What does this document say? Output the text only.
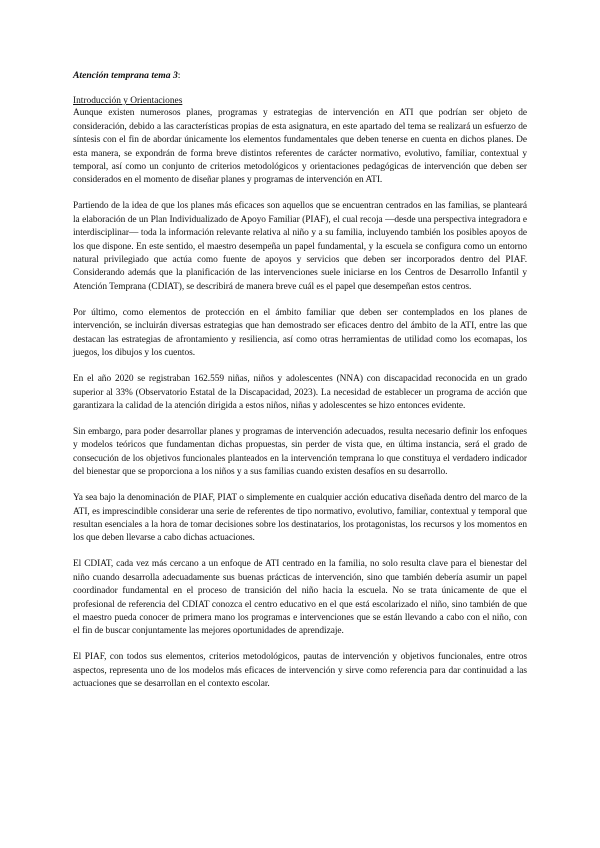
Atención temprana tema 3:
Introducción y Orientaciones

Aunque existen numerosos planes, programas y estrategias de intervención en ATI que podrían ser objeto de consideración, debido a las características propias de esta asignatura, en este apartado del tema se realizará un esfuerzo de síntesis con el fin de abordar únicamente los elementos fundamentales que deben tenerse en cuenta en dichos planes. De esta manera, se expondrán de forma breve distintos referentes de carácter normativo, evolutivo, familiar, contextual y temporal, así como un conjunto de criterios metodológicos y orientaciones pedagógicas de intervención que deben ser considerados en el momento de diseñar planes y programas de intervención en ATI.

Partiendo de la idea de que los planes más eficaces son aquellos que se encuentran centrados en las familias, se planteará la elaboración de un Plan Individualizado de Apoyo Familiar (PIAF), el cual recoja —desde una perspectiva integradora e interdisciplinar— toda la información relevante relativa al niño y a su familia, incluyendo también los posibles apoyos de los que dispone. En este sentido, el maestro desempeña un papel fundamental, y la escuela se configura como un entorno natural privilegiado que actúa como fuente de apoyos y servicios que deben ser incorporados dentro del PIAF. Considerando además que la planificación de las intervenciones suele iniciarse en los Centros de Desarrollo Infantil y Atención Temprana (CDIAT), se describirá de manera breve cuál es el papel que desempeñan estos centros.

Por último, como elementos de protección en el ámbito familiar que deben ser contemplados en los planes de intervención, se incluirán diversas estrategias que han demostrado ser eficaces dentro del ámbito de la ATI, entre las que destacan las estrategias de afrontamiento y resiliencia, así como otras herramientas de utilidad como los ecomapas, los juegos, los dibujos y los cuentos.

En el año 2020 se registraban 162.559 niñas, niños y adolescentes (NNA) con discapacidad reconocida en un grado superior al 33% (Observatorio Estatal de la Discapacidad, 2023). La necesidad de establecer un programa de acción que garantizara la calidad de la atención dirigida a estos niños, niñas y adolescentes se hizo entonces evidente.

Sin embargo, para poder desarrollar planes y programas de intervención adecuados, resulta necesario definir los enfoques y modelos teóricos que fundamentan dichas propuestas, sin perder de vista que, en última instancia, será el grado de consecución de los objetivos funcionales planteados en la intervención temprana lo que constituya el verdadero indicador del bienestar que se proporciona a los niños y a sus familias cuando existen desafíos en su desarrollo.

Ya sea bajo la denominación de PIAF, PIAT o simplemente en cualquier acción educativa diseñada dentro del marco de la ATI, es imprescindible considerar una serie de referentes de tipo normativo, evolutivo, familiar, contextual y temporal que resultan esenciales a la hora de tomar decisiones sobre los destinatarios, los protagonistas, los recursos y los momentos en los que deben llevarse a cabo dichas actuaciones.

El CDIAT, cada vez más cercano a un enfoque de ATI centrado en la familia, no solo resulta clave para el bienestar del niño cuando desarrolla adecuadamente sus buenas prácticas de intervención, sino que también debería asumir un papel coordinador fundamental en el proceso de transición del niño hacia la escuela. No se trata únicamente de que el profesional de referencia del CDIAT conozca el centro educativo en el que está escolarizado el niño, sino también de que el maestro pueda conocer de primera mano los programas e intervenciones que se están llevando a cabo con el niño, con el fin de buscar conjuntamente las mejores oportunidades de aprendizaje.

El PIAF, con todos sus elementos, criterios metodológicos, pautas de intervención y objetivos funcionales, entre otros aspectos, representa uno de los modelos más eficaces de intervención y sirve como referencia para dar continuidad a las actuaciones que se desarrollan en el contexto escolar.
